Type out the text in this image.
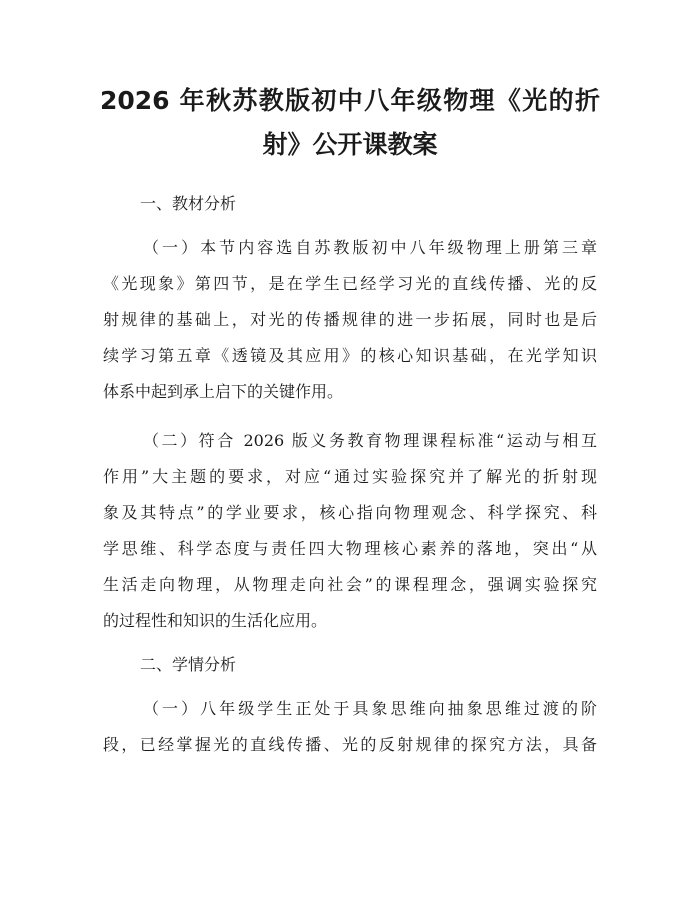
2026 年秋苏教版初中八年级物理《光的折
射》公开课教案

一、教材分析

（一）本节内容选自苏教版初中八年级物理上册第三章
《光现象》第四节，是在学生已经学习光的直线传播、光的反
射规律的基础上，对光的传播规律的进一步拓展，同时也是后
续学习第五章《透镜及其应用》的核心知识基础，在光学知识
体系中起到承上启下的关键作用。
（二）符合 2026 版义务教育物理课程标准“运动与相互
作用”大主题的要求，对应“通过实验探究并了解光的折射现
象及其特点”的学业要求，核心指向物理观念、科学探究、科
学思维、科学态度与责任四大物理核心素养的落地，突出“从
生活走向物理，从物理走向社会”的课程理念，强调实验探究
的过程性和知识的生活化应用。

二、学情分析

（一）八年级学生正处于具象思维向抽象思维过渡的阶
段，已经掌握光的直线传播、光的反射规律的探究方法，具备
